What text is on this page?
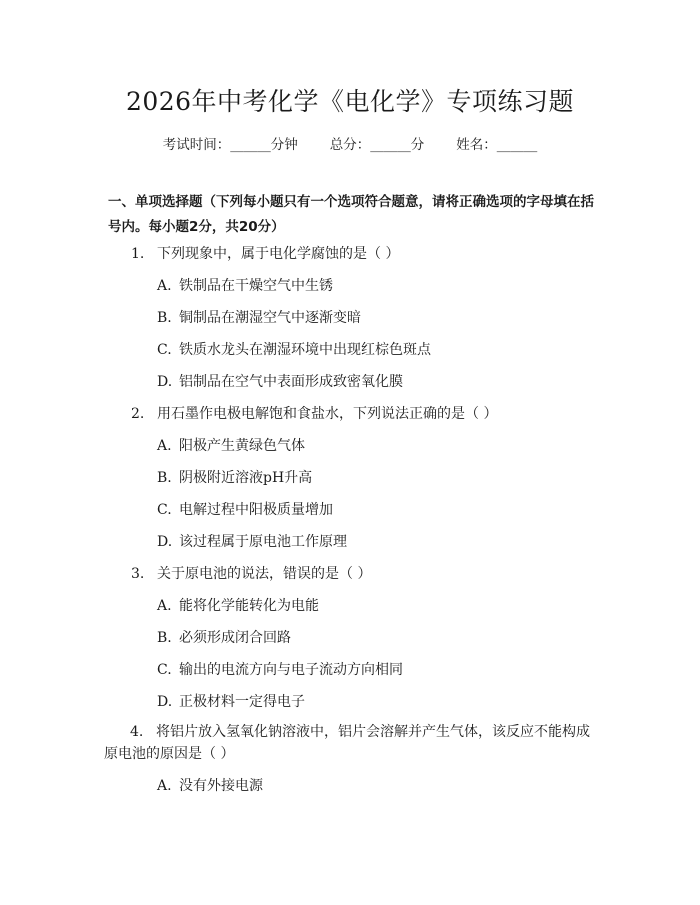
2026年中考化学《电化学》专项练习题
考试时间：______分钟 总分：______分 姓名：______
一、单项选择题（下列每小题只有一个选项符合题意，请将正确选项的字母填在括号内。每小题2分，共20分）
1. 下列现象中，属于电化学腐蚀的是（ ）
A. 铁制品在干燥空气中生锈
B. 铜制品在潮湿空气中逐渐变暗
C. 铁质水龙头在潮湿环境中出现红棕色斑点
D. 铝制品在空气中表面形成致密氧化膜
2. 用石墨作电极电解饱和食盐水，下列说法正确的是（ ）
A. 阳极产生黄绿色气体
B. 阴极附近溶液pH升高
C. 电解过程中阳极质量增加
D. 该过程属于原电池工作原理
3. 关于原电池的说法，错误的是（ ）
A. 能将化学能转化为电能
B. 必须形成闭合回路
C. 输出的电流方向与电子流动方向相同
D. 正极材料一定得电子
4. 将铝片放入氢氧化钠溶液中，铝片会溶解并产生气体，该反应不能构成原电池的原因是（ ）
A. 没有外接电源
